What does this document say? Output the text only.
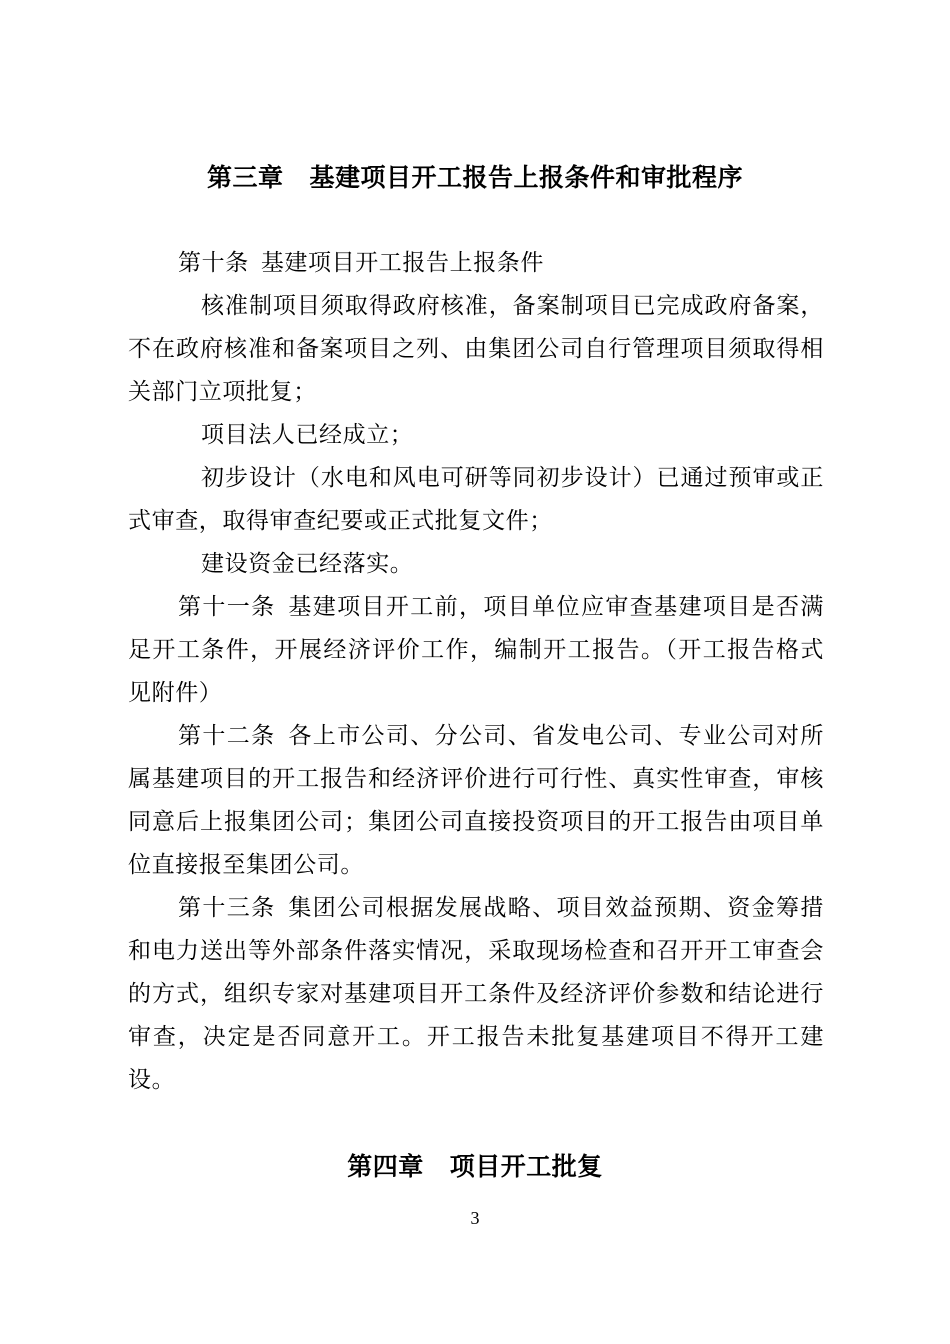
第三章 基建项目开工报告上报条件和审批程序

第十条 基建项目开工报告上报条件

核准制项目须取得政府核准，备案制项目已完成政府备案，不在政府核准和备案项目之列、由集团公司自行管理项目须取得相关部门立项批复；

项目法人已经成立；

初步设计（水电和风电可研等同初步设计）已通过预审或正式审查，取得审查纪要或正式批复文件；

建设资金已经落实。

第十一条 基建项目开工前，项目单位应审查基建项目是否满足开工条件，开展经济评价工作，编制开工报告。（开工报告格式见附件）

第十二条 各上市公司、分公司、省发电公司、专业公司对所属基建项目的开工报告和经济评价进行可行性、真实性审查，审核同意后上报集团公司；集团公司直接投资项目的开工报告由项目单位直接报至集团公司。

第十三条 集团公司根据发展战略、项目效益预期、资金筹措和电力送出等外部条件落实情况，采取现场检查和召开开工审查会的方式，组织专家对基建项目开工条件及经济评价参数和结论进行审查，决定是否同意开工。开工报告未批复基建项目不得开工建设。

第四章 项目开工批复
3
